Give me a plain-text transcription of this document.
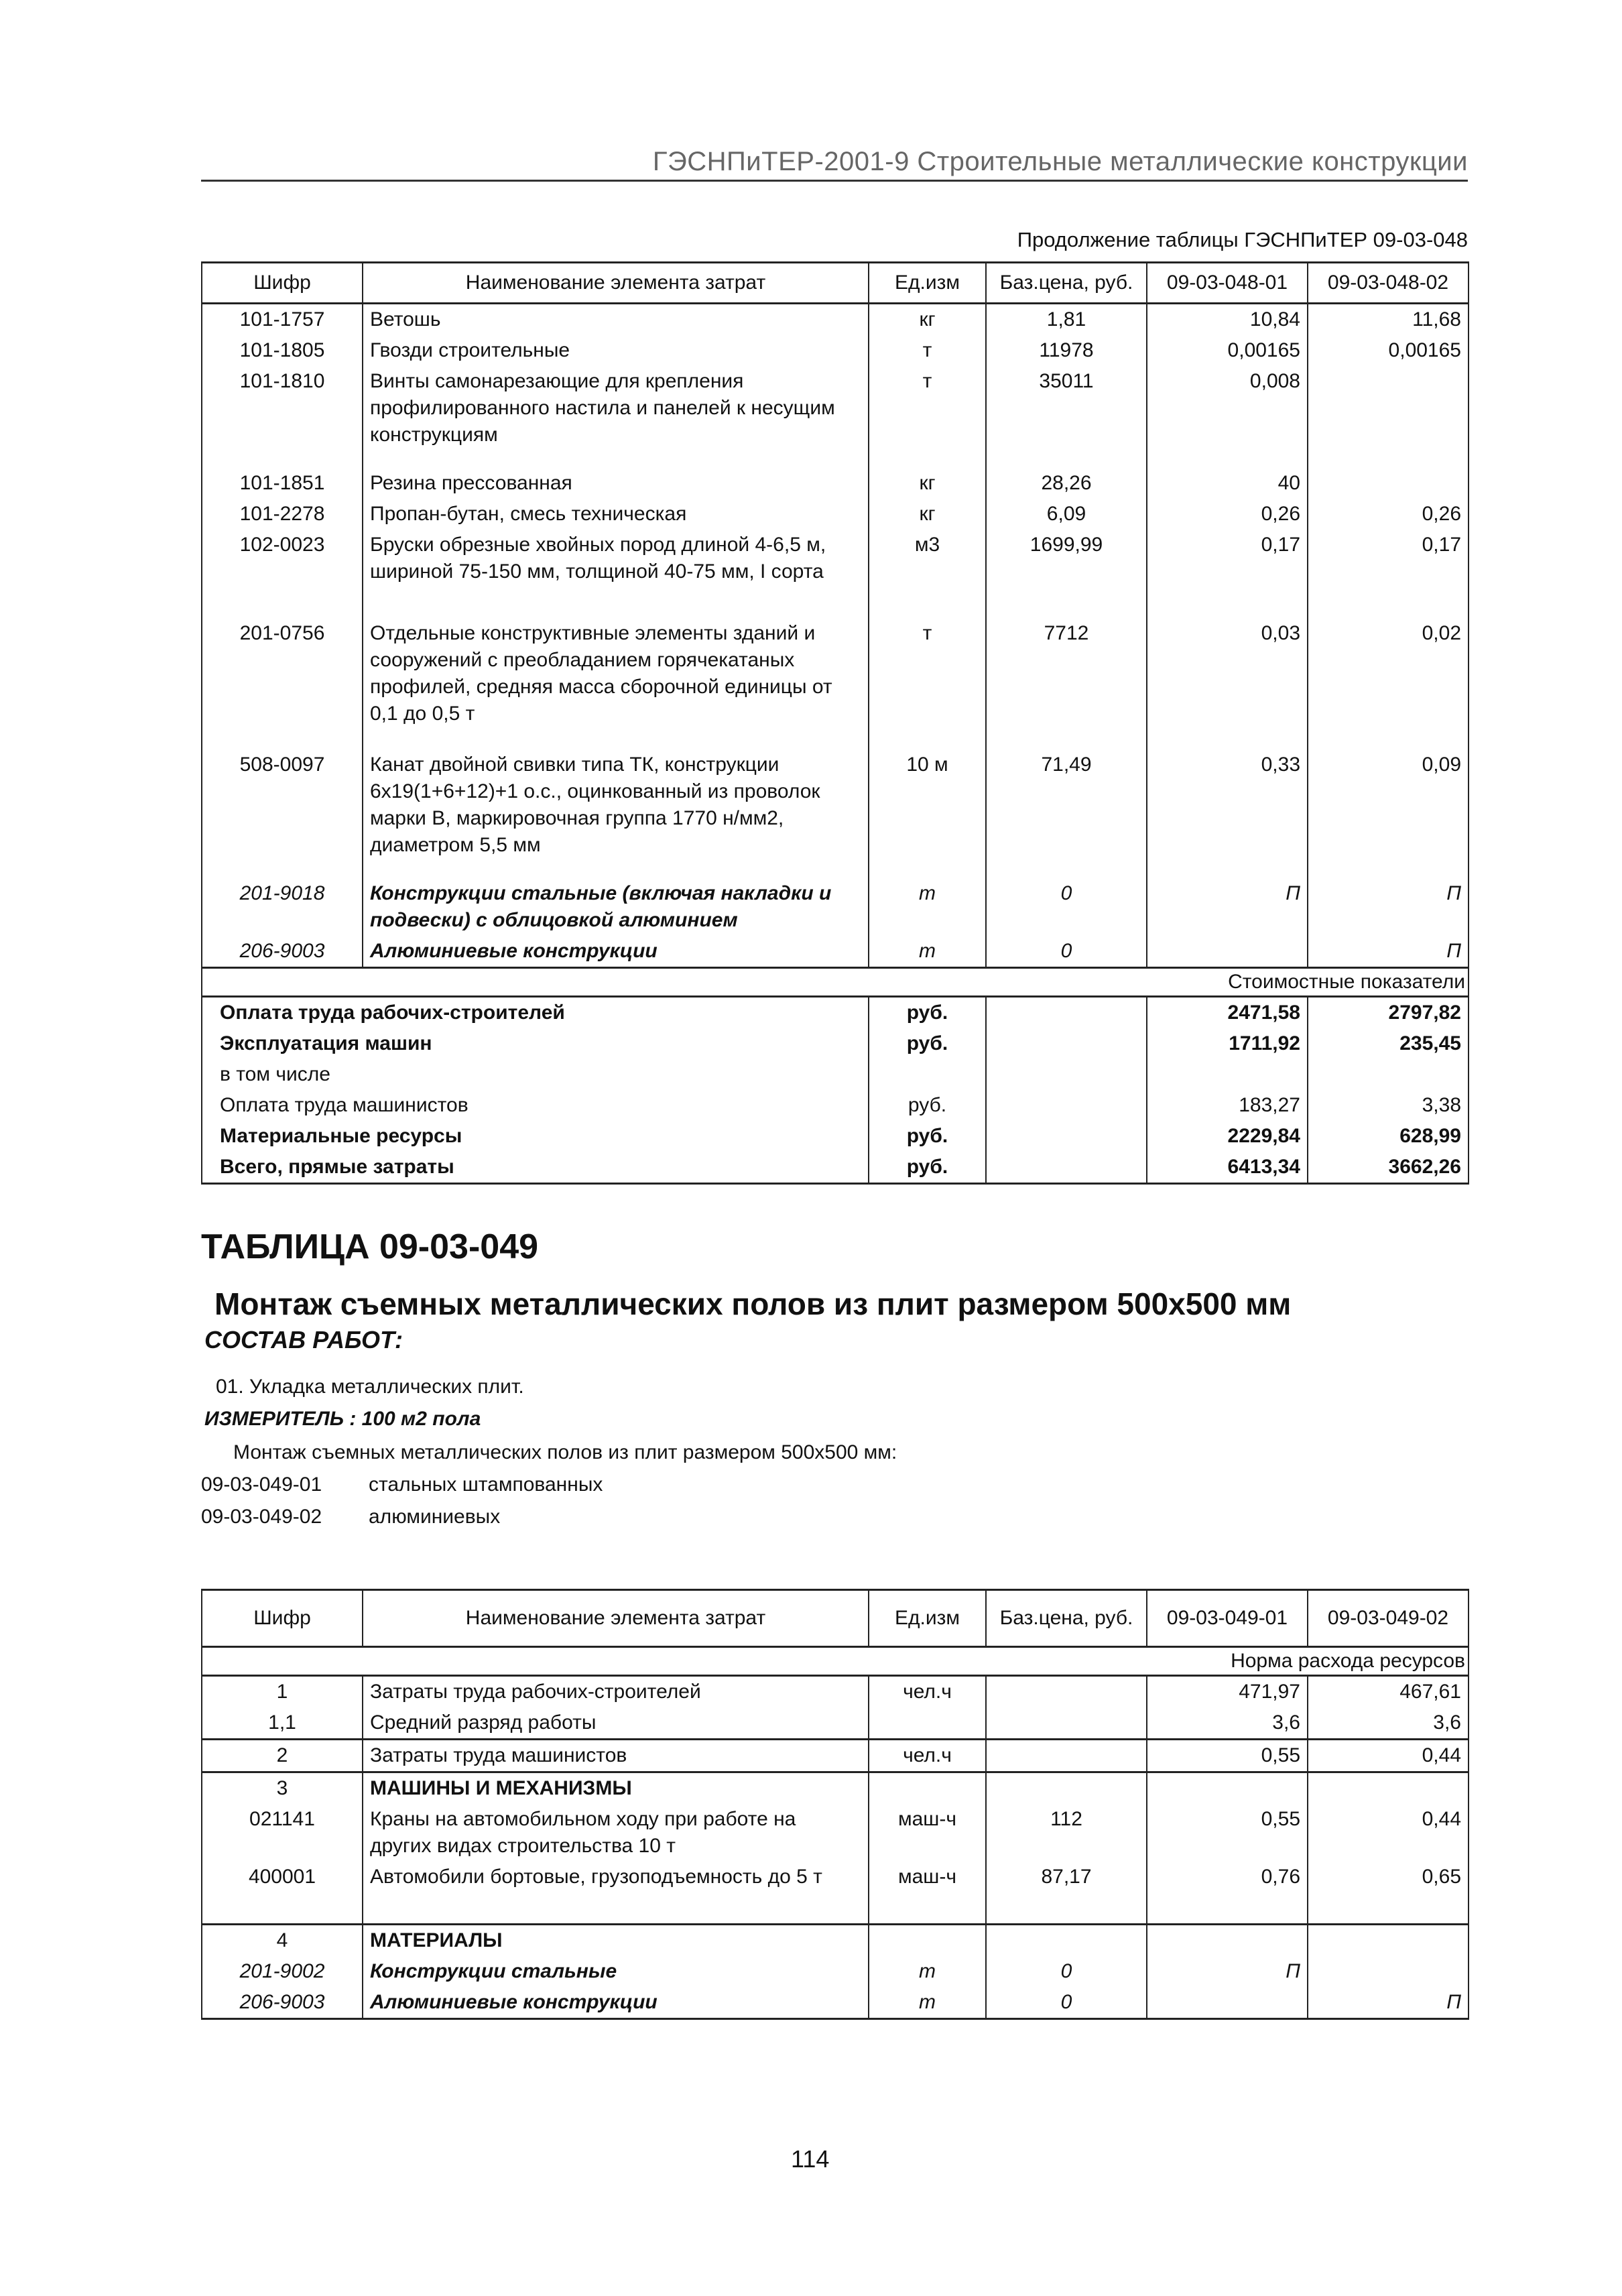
ГЭСНПиТЕР-2001-9 Строительные металлические конструкции
Продолжение таблицы ГЭСНПиТЕР 09-03-048
Шифр	Наименование элемента затрат	Ед.изм	Баз.цена, руб.	09-03-048-01	09-03-048-02
101-1757	Ветошь	кг	1,81	10,84	11,68
101-1805	Гвозди строительные	т	11978	0,00165	0,00165
101-1810	Винты самонарезающие для крепления профилированного настила и панелей к несущим конструкциям	т	35011	0,008	

101-1851	Резина прессованная	кг	28,26	40	
101-2278	Пропан-бутан, смесь техническая	кг	6,09	0,26	0,26
102-0023	Бруски обрезные хвойных пород длиной 4-6,5 м, шириной 75-150 мм, толщиной 40-75 мм, I сорта	м3	1699,99	0,17	0,17

201-0756	Отдельные конструктивные элементы зданий и сооружений с преобладанием горячекатаных профилей, средняя масса сборочной единицы от 0,1 до 0,5 т	т	7712	0,03	0,02

508-0097	Канат двойной свивки типа ТК, конструкции 6х19(1+6+12)+1 о.с., оцинкованный из проволок марки В, маркировочная группа 1770 н/мм2, диаметром 5,5 мм	10 м	71,49	0,33	0,09

201-9018	Конструкции стальные (включая накладки и подвески) с облицовкой алюминием	т	0	П	П
206-9003	Алюминиевые конструкции	т	0		П
Стоимостные показатели					
Оплата труда рабочих-строителей		руб.		2471,58	2797,82
Эксплуатация машин		руб.		1711,92	235,45
в том числе					
Оплата труда машинистов		руб.		183,27	3,38
Материальные ресурсы		руб.		2229,84	628,99
Всего, прямые затраты		руб.		6413,34	3662,26
ТАБЛИЦА 09-03-049
Монтаж съемных металлических полов из плит размером 500х500 мм
СОСТАВ РАБОТ:
01. Укладка металлических плит.
ИЗМЕРИТЕЛЬ : 100 м2 пола
Монтаж съемных металлических полов из плит размером 500х500 мм:
09-03-049-01 стальных штампованных
09-03-049-02 алюминиевых
Шифр	Наименование элемента затрат	Ед.изм	Баз.цена, руб.	09-03-049-01	09-03-049-02
Норма расхода ресурсов					
1	Затраты труда рабочих-строителей	чел.ч		471,97	467,61
1,1	Средний разряд работы			3,6	3,6
2	Затраты труда машинистов	чел.ч		0,55	0,44
3	МАШИНЫ И МЕХАНИЗМЫ				
021141	Краны на автомобильном ходу при работе на других видах строительства 10 т	маш-ч	112	0,55	0,44
400001	Автомобили бортовые, грузоподъемность до 5 т	маш-ч	87,17	0,76	0,65

4	МАТЕРИАЛЫ				
201-9002	Конструкции стальные	т	0	П	
206-9003	Алюминиевые конструкции	т	0		П
114
